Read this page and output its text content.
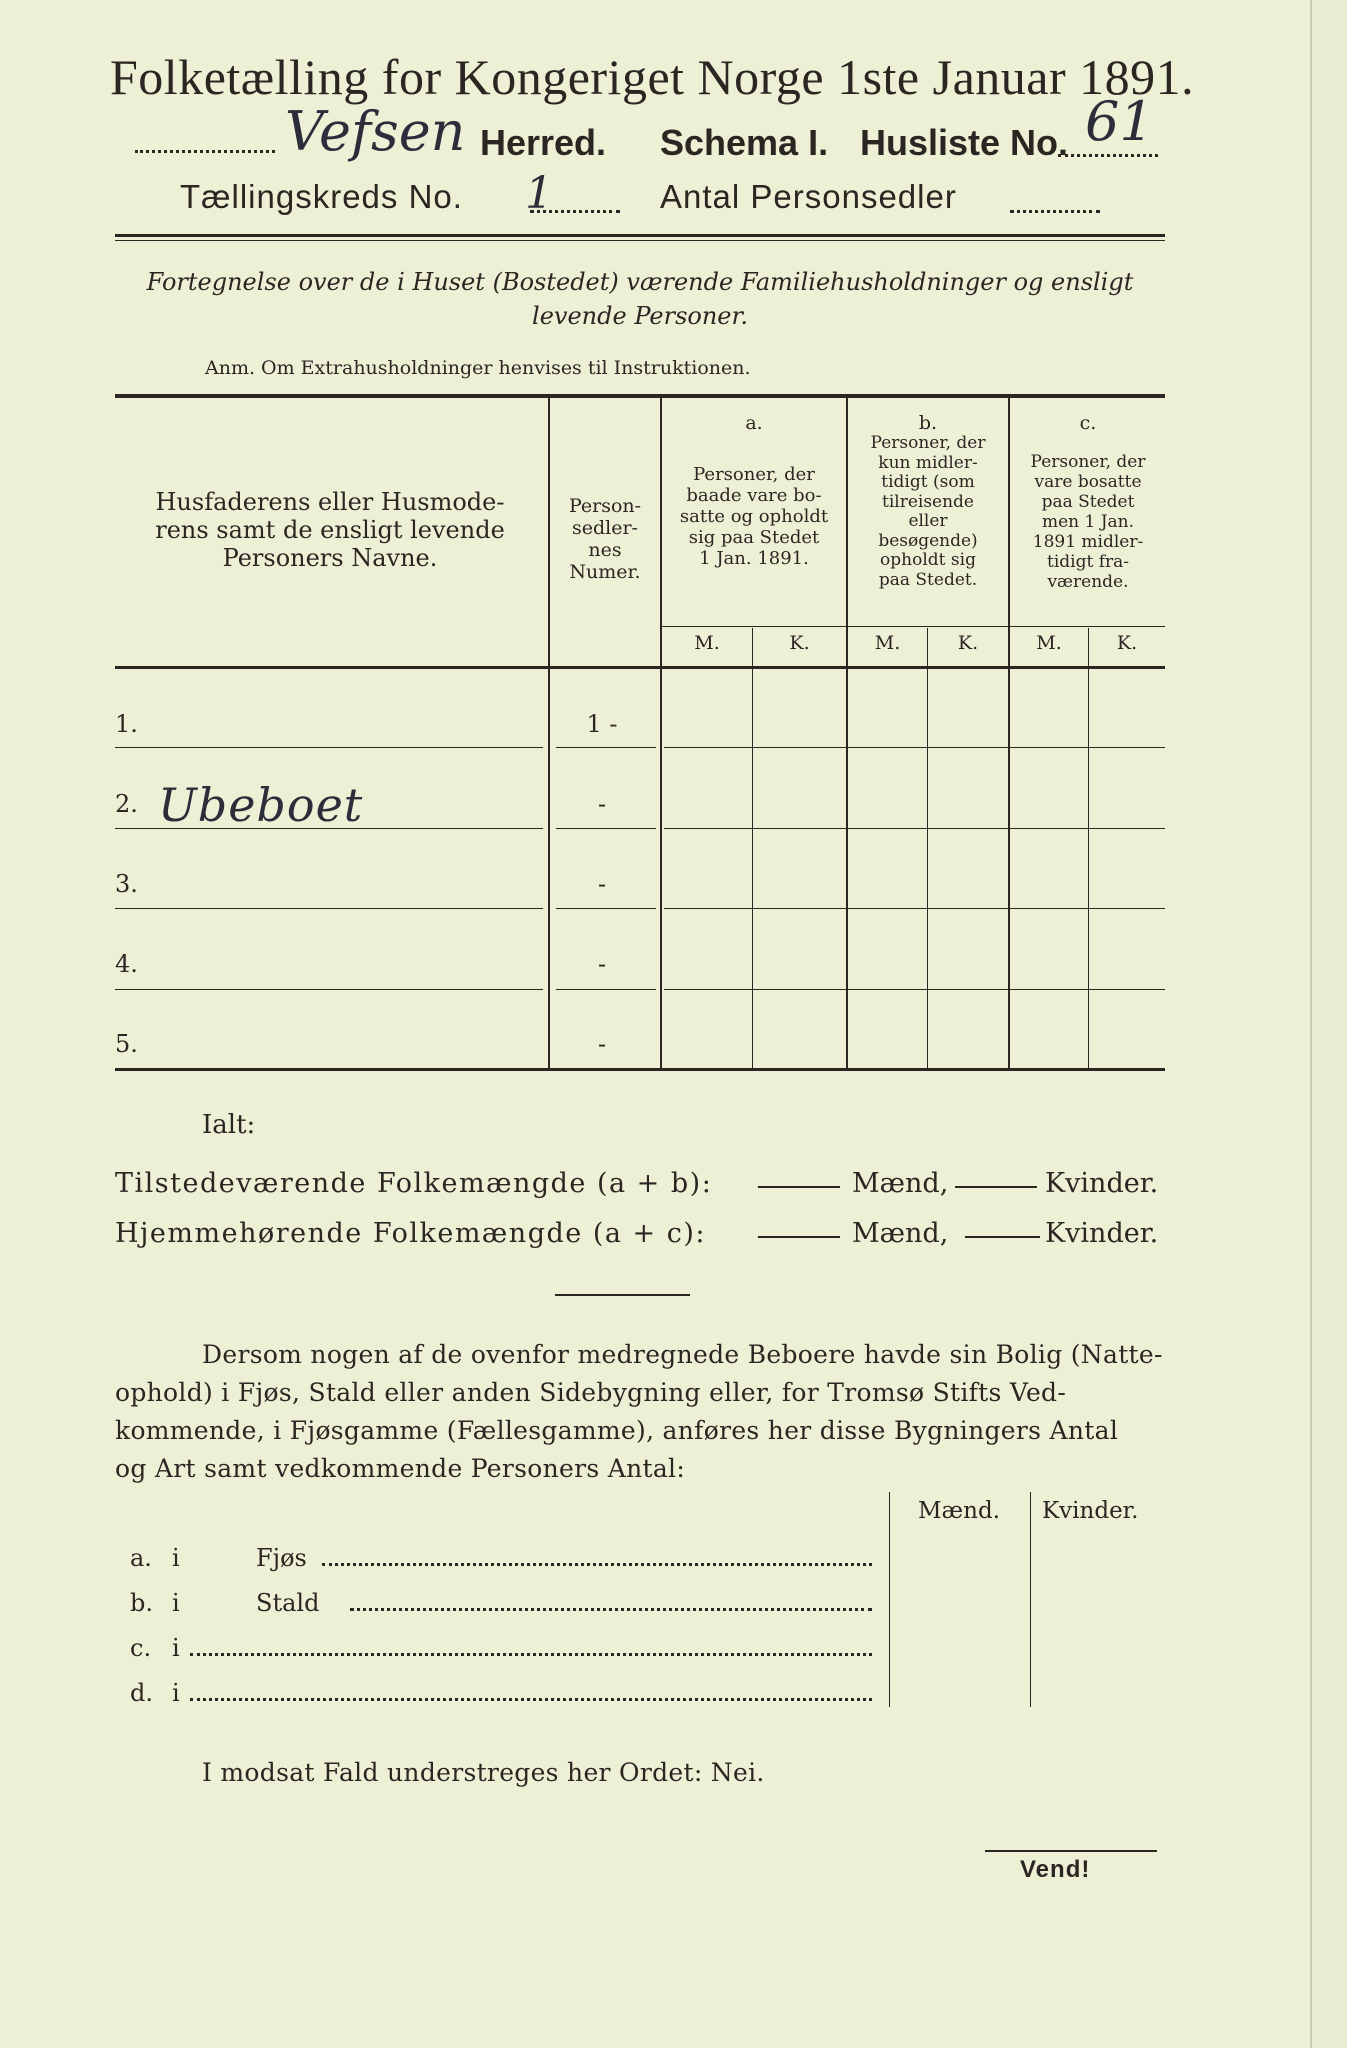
Folketælling for Kongeriget Norge 1ste Januar 1891.
Vefsen Herred. Schema I. Husliste No. 61
Tællingskreds No. 1	Antal Personsedler
Fortegnelse over de i Huset (Bostedet) værende Familiehusholdninger og ensligt
levende Personer.
Anm. Om Extrahusholdninger henvises til Instruktionen.
Husfaderens eller Husmode-
rens samt de ensligt levende
Personers Navne.
Person-
sedler-
nes
Numer.
a.
Personer, der
baade vare bo-
satte og opholdt
sig paa Stedet
1 Jan. 1891.
b.
Personer, der
kun midler-
tidigt (som
tilreisende
eller
besøgende)
opholdt sig
paa Stedet.
c.
Personer, der
vare bosatte
paa Stedet
men 1 Jan.
1891 midler-
tidigt fra-
værende.
M.	K.	M.	K.	M.	K.
1.	1 -
2. Ubeboet	-
3.	-
4.	-
5.	-
Ialt:
Tilstedeværende Folkemængde (a + b):	Mænd,	Kvinder.
Hjemmehørende Folkemængde (a + c):	Mænd,	Kvinder.
Dersom nogen af de ovenfor medregnede Beboere havde sin Bolig (Natte-
ophold) i Fjøs, Stald eller anden Sidebygning eller, for Tromsø Stifts Ved-
kommende, i Fjøsgamme (Fællesgamme), anføres her disse Bygningers Antal
og Art samt vedkommende Personers Antal:
Mænd. Kvinder.
a. i	Fjøs
b. i	Stald
c. i
d. i
I modsat Fald understreges her Ordet: Nei.
Vend!
